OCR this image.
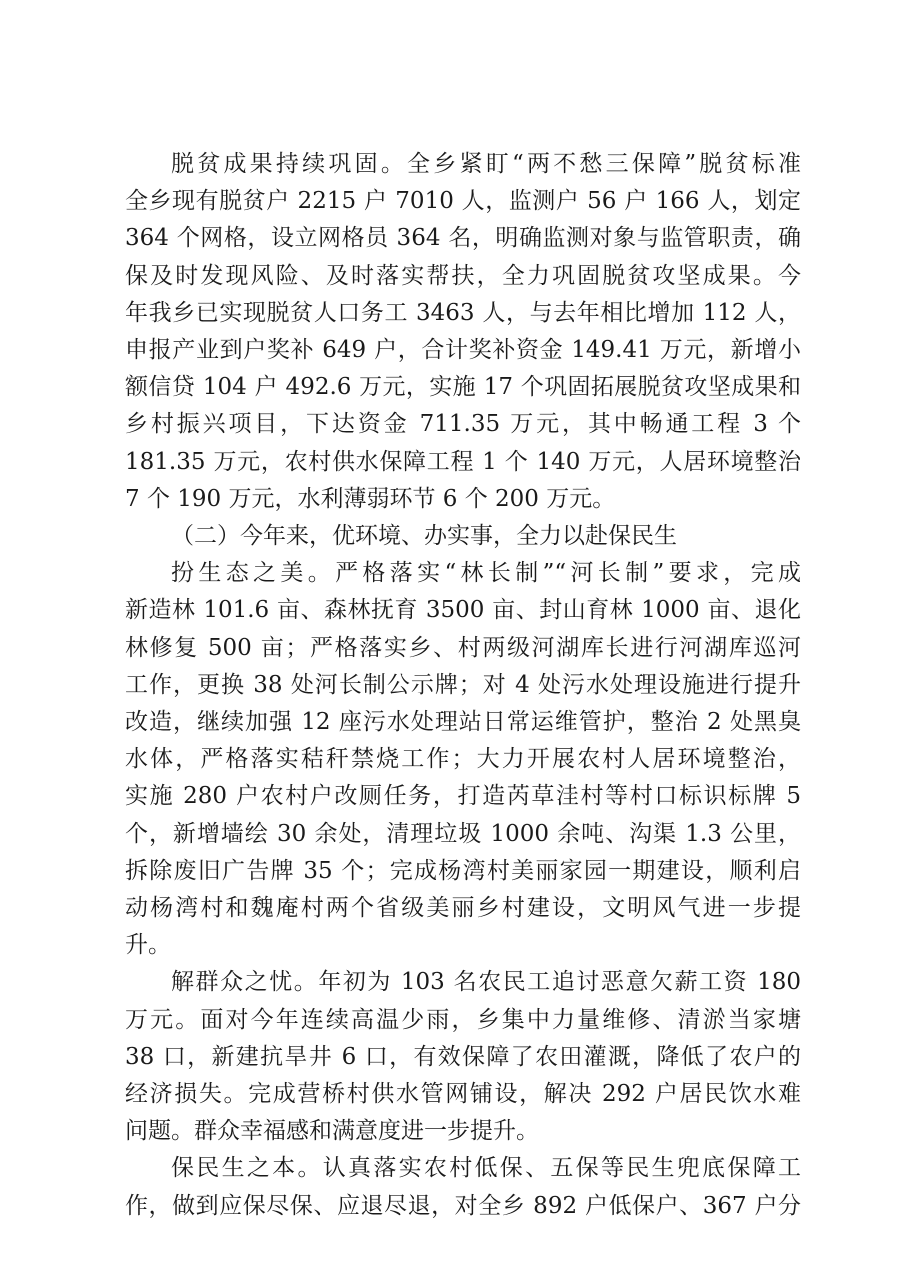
脱贫成果持续巩固。全乡紧盯“两不愁三保障”脱贫标准
全乡现有脱贫户 2215 户 7010 人，监测户 56 户 166 人，划定
364 个网格，设立网格员 364 名，明确监测对象与监管职责，确
保及时发现风险、及时落实帮扶，全力巩固脱贫攻坚成果。今
年我乡已实现脱贫人口务工 3463 人，与去年相比增加 112 人，
申报产业到户奖补 649 户，合计奖补资金 149.41 万元，新增小
额信贷 104 户 492.6 万元，实施 17 个巩固拓展脱贫攻坚成果和
乡村振兴项目，下达资金 711.35 万元，其中畅通工程 3 个
181.35 万元，农村供水保障工程 1 个 140 万元，人居环境整治
7 个 190 万元，水利薄弱环节 6 个 200 万元。
（二）今年来，优环境、办实事，全力以赴保民生
扮生态之美。严格落实“林长制”“河长制”要求，完成
新造林 101.6 亩、森林抚育 3500 亩、封山育林 1000 亩、退化
林修复 500 亩；严格落实乡、村两级河湖库长进行河湖库巡河
工作，更换 38 处河长制公示牌；对 4 处污水处理设施进行提升
改造，继续加强 12 座污水处理站日常运维管护，整治 2 处黑臭
水体，严格落实秸秆禁烧工作；大力开展农村人居环境整治，
实施 280 户农村户改厕任务，打造芮草洼村等村口标识标牌 5
个，新增墙绘 30 余处，清理垃圾 1000 余吨、沟渠 1.3 公里，
拆除废旧广告牌 35 个；完成杨湾村美丽家园一期建设，顺利启
动杨湾村和魏庵村两个省级美丽乡村建设，文明风气进一步提
升。
解群众之忧。年初为 103 名农民工追讨恶意欠薪工资 180
万元。面对今年连续高温少雨，乡集中力量维修、清淤当家塘
38 口，新建抗旱井 6 口，有效保障了农田灌溉，降低了农户的
经济损失。完成营桥村供水管网铺设，解决 292 户居民饮水难
问题。群众幸福感和满意度进一步提升。
保民生之本。认真落实农村低保、五保等民生兜底保障工
作，做到应保尽保、应退尽退，对全乡 892 户低保户、367 户分
